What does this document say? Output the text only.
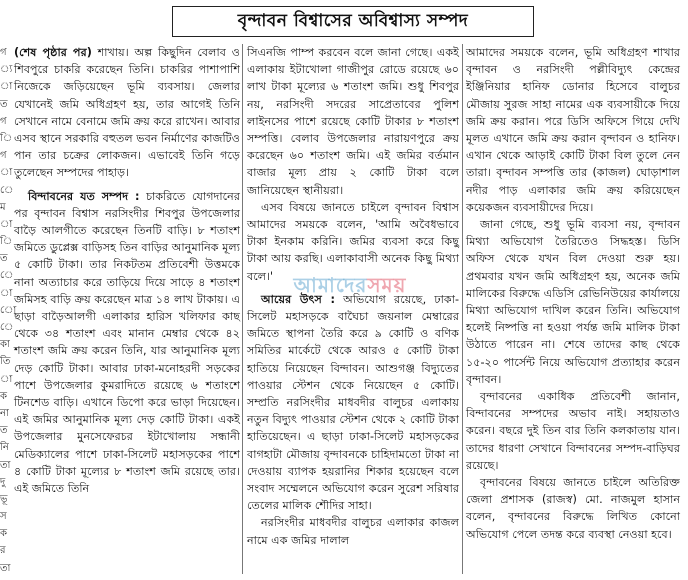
বৃন্দাবন বিশ্বাসের অবিশ্বাস্য সম্পদ
গ
্য
া
ত
গ
ি
গ
া
ে
ম
া
ি
ত
ে
া
ো
ে
কা
তি
া
ক
না
ত
নি
তা
দু
ভূ
স
ক
র
তা

(শেষ পৃষ্ঠার পর) শাখায়। অল্প কিছুদিন বেলাব ও শিবপুরে চাকরি করেছেন তিনি। চাকরির পাশাপাশি নিজেকে জড়িয়েছেন ভূমি ব্যবসায়। জেলার যেখানেই জমি অধিগ্রহণ হয়, তার আগেই তিনি সেখানে নামে বেনামে জমি ক্রয় করে রাখেন। আবার এসব স্থানে সরকারি বহুতল ভবন নির্মাণের কাজটিও পান তার চক্রের লোকজন। এভাবেই তিনি গড়ে তুলেছেন সম্পদের পাহাড়।

বিন্দাবনের যত সম্পদ : চাকরিতে যোগদানের পর বৃন্দাবন বিশ্বাস নরসিংদীর শিবপুর উপজেলার বাড়ৈ আলগীতে করেছেন তিনটি বাড়ি। ৮ শতাংশ জমিতে ডুপ্লেক্স বাড়িসহ তিন বাড়ির আনুমানিক মূল্য ৫ কোটি টাকা। তার নিকটতম প্রতিবেশী উত্তমকে নানা অত্যাচার করে তাড়িয়ে দিয়ে সাড়ে ৪ শতাংশ জমিসহ বাড়ি ক্রয় করেছেন মাত্র ১৪ লাখ টাকায়। এ ছাড়া বাড়ৈআলগী এলাকার হারিস খলিফার কাছ থেকে ৩৪ শতাংশ এবং মানান মেম্বার থেকে ৪২ শতাংশ জমি ক্রয় করেন তিনি, যার আনুমানিক মূল্য দেড় কোটি টাকা। আবার ঢাকা-মনোহরদী সড়কের পাশে উপজেলার কুমরাদিতে রয়েছে ৬ শতাংশে টিনশেড বাড়ি। এখানে ডিপো করে ভাড়া দিয়েছেন। এই জমির আনুমানিক মূল্য দেড় কোটি টাকা। একই উপজেলার মুনসেফেরচর ইটাখোলায় সন্ধানী মেডিক্যালের পাশে ঢাকা-সিলেট মহাসড়কের পাশে ৪ কোটি টাকা মূল্যের ৮ শতাংশ জমি রয়েছে তার। এই জমিতে তিনি

সিএনজি পাম্প করবেন বলে জানা গেছে। একই এলাকায় ইটাখোলা গাজীপুর রোডে রয়েছে ৬০ লাখ টাকা মূল্যের ৬ শতাংশ জমি। শুধু শিবপুর নয়, নরসিংদী সদরের সাপ্রেতাবের পুলিশ লাইনসের পাশে রয়েছে কোটি টাকার ৮ শতাংশ সম্পত্তি। বেলাব উপজেলার নারায়ণপুরে ক্রয় করেছেন ৬০ শতাংশ জমি। এই জমির বর্তমান বাজার মূল্য প্রায় ২ কোটি টাকা বলে জানিয়েছেন স্থানীয়রা।

এসব বিষয়ে জানতে চাইলে বৃন্দাবন বিশ্বাস আমাদের সময়কে বলেন, 'আমি অবৈধভাবে টাকা ইনকাম করিনি। জমির ব্যবসা করে কিছু টাকা আয় করছি। এলাকাবাসী অনেক কিছু মিথ্যা বলে।'

আয়ের উৎস : অভিযোগ রয়েছে, ঢাকা-সিলেট মহাসড়কে বাঘৈচা জয়নাল মেম্বারের জমিতে স্থাপনা তৈরি করে ৯ কোটি ও বণিক সমিতির মার্কেটে থেকে আরও ৫ কোটি টাকা হাতিয়ে নিয়েছেন বিন্দাবন। আশুগঞ্জ বিদ্যুতের পাওয়ার স্টেশন থেকে নিয়েছেন ৫ কোটি। সম্প্রতি নরসিংদীর মাধবদীর বালুচর এলাকায় নতুন বিদ্যুৎ পাওয়ার স্টেশন থেকে ২ কোটি টাকা হাতিয়েছেন। এ ছাড়া ঢাকা-সিলেট মহাসড়কের বাগহাটা মৌজায় বৃন্দাবনকে চাহিদামতো টাকা না দেওয়ায় ব্যাপক হয়রানির শিকার হয়েছেন বলে সংবাদ সম্মেলনে অভিযোগ করেন সুরেশ সরিষার তেলের মালিক শৌদির সাহা।

নরসিংদীর মাধবদীর বালুচর এলাকার কাজল নামে এক জমির দালাল

আমাদের সময়কে বলেন, ভূমি অধিগ্রহণ শাখার বৃন্দাবন ও নরসিংদী পল্লীবিদ্যুৎ কেন্দ্রের ইঞ্জিনিয়ার হানিফ ডোনার হিসেবে বালুচর মৌজায় সুরজ সাহা নামের এক ব্যবসায়ীকে দিয়ে জমি ক্রয় করান। পরে ডিসি অফিসে গিয়ে দেখি মূলত এখানে জমি ক্রয় করান বৃন্দাবন ও হানিফ। এখান থেকে আড়াই কোটি টাকা বিল তুলে নেন তারা। বৃন্দাবন সম্পত্তি তার (কাজল) ঘোড়াশাল নদীর পাড় এলাকার জমি ক্রয় করিয়েছেন কয়েকজন ব্যবসায়ীদের দিয়ে।

জানা গেছে, শুধু ভূমি ব্যবসা নয়, বৃন্দাবন মিথ্যা অভিযোগ তৈরিতেও সিদ্ধহস্ত। ডিসি অফিস থেকে যখন বিল দেওয়া শুরু হয়। প্রথমবার যখন জমি অধিগ্রহণ হয়, অনেক জমি মালিকের বিরুদ্ধে এডিসি রেভিনিউয়ের কার্যালয়ে মিথ্যা অভিযোগ দাখিল করেন তিনি। অভিযোগ হলেই নিষ্পত্তি না হওয়া পর্যন্ত জমি মালিক টাকা উঠাতে পারেন না। শেষে তাদের কাছ থেকে ১৫-২০ পার্সেন্ট নিয়ে অভিযোগ প্রত্যাহার করেন বৃন্দাবন।

বৃন্দাবনের একাধিক প্রতিবেশী জানান, বিন্দাবনের সম্পদের অভাব নাই। সহায়তাও করেন। বছরে দুই তিন বার তিনি কলকাতায় যান। তাদের ধারণা সেখানে বিন্দাবনের সম্পদ-বাড়িঘর রয়েছে।

বৃন্দাবনের বিষয়ে জানতে চাইলে অতিরিক্ত জেলা প্রশাসক (রাজস্ব) মো. নাজমুল হাসান বলেন, বৃন্দাবনের বিরুদ্ধে লিখিত কোনো অভিযোগ পেলে তদন্ত করে ব্যবস্থা নেওয়া হবে।

আমাদের সময়
